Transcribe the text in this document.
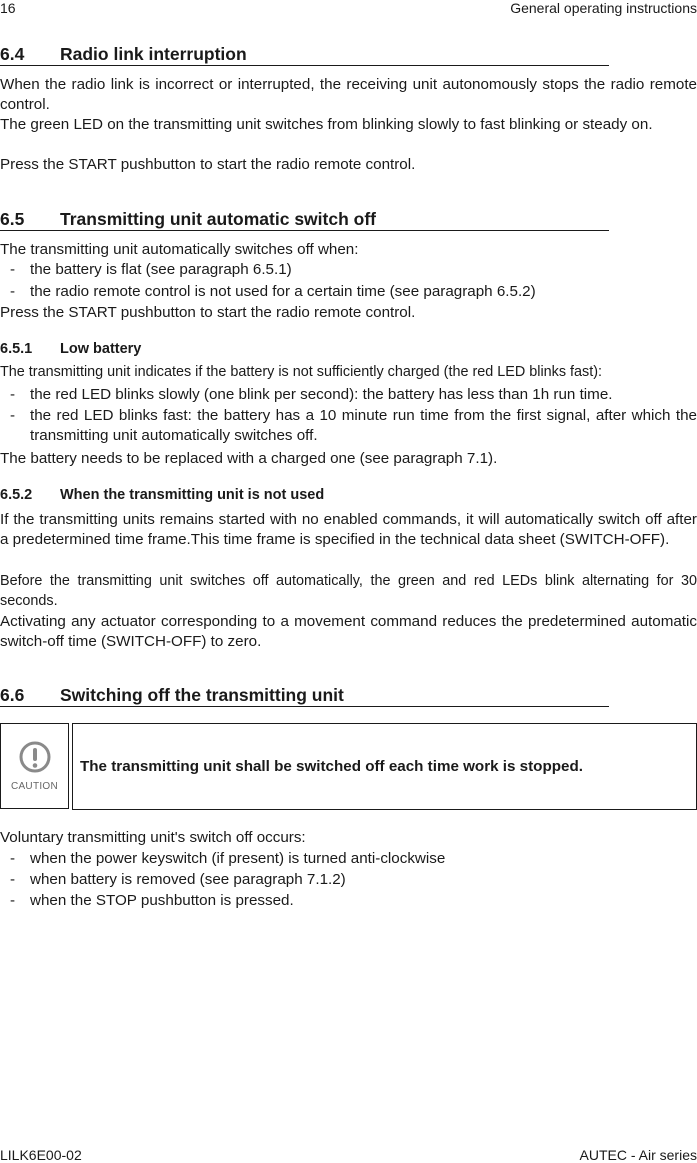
16	General operating instructions
6.4 Radio link interruption
When the radio link is incorrect or interrupted, the receiving unit autonomously stops the radio remote control.
The green LED on the transmitting unit switches from blinking slowly to fast blinking or steady on.
Press the START pushbutton to start the radio remote control.
6.5 Transmitting unit automatic switch off
The transmitting unit automatically switches off when:
- the battery is flat (see paragraph 6.5.1)
- the radio remote control is not used for a certain time (see paragraph 6.5.2)
Press the START pushbutton to start the radio remote control.
6.5.1 Low battery
The transmitting unit indicates if the battery is not sufficiently charged (the red LED blinks fast):
- the red LED blinks slowly (one blink per second): the battery has less than 1h run time.
- the red LED blinks fast: the battery has a 10 minute run time from the first signal, after which the transmitting unit automatically switches off.
The battery needs to be replaced with a charged one (see paragraph 7.1).
6.5.2 When the transmitting unit is not used
If the transmitting units remains started with no enabled commands, it will automatically switch off after a predetermined time frame.This time frame is specified in the technical data sheet (SWITCH-OFF).
Before the transmitting unit switches off automatically, the green and red LEDs blink alternating for 30 seconds.
Activating any actuator corresponding to a movement command reduces the predetermined automatic switch-off time (SWITCH-OFF) to zero.
6.6 Switching off the transmitting unit
CAUTION
The transmitting unit shall be switched off each time work is stopped.
Voluntary transmitting unit's switch off occurs:
- when the power keyswitch (if present) is turned anti-clockwise
- when battery is removed (see paragraph 7.1.2)
- when the STOP pushbutton is pressed.
LILK6E00-02	AUTEC - Air series
